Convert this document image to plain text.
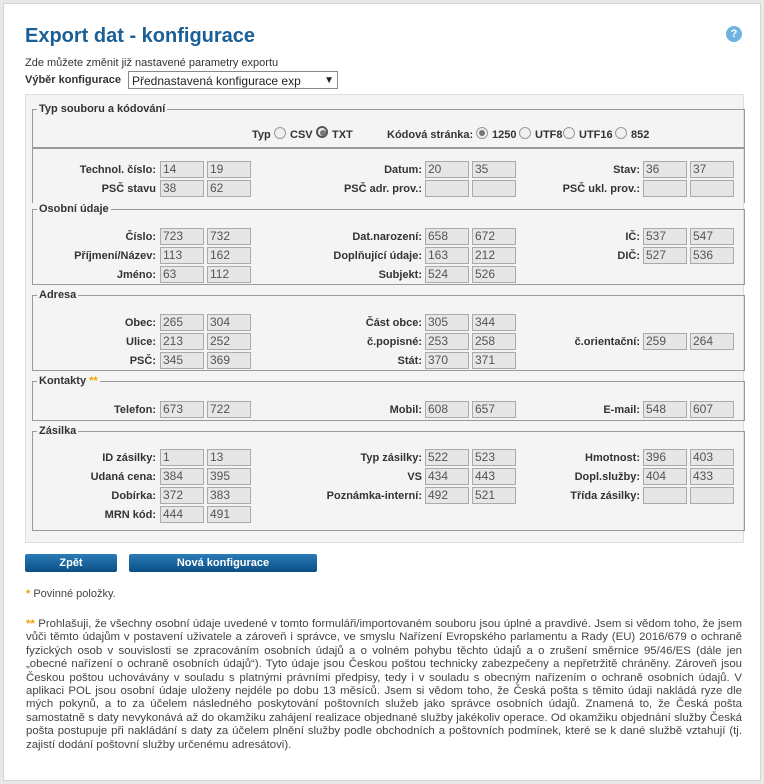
Export dat - konfigurace	?
Zde můžete změnit již nastavené parametry exportu
Výběr konfigurace Přednastavená konfigurace exp ▼
Typ souboru a kódování
Typ CSV TXT	Kódová stránka: 1250 UTF8 UTF16 852
Technol. číslo: 14	19	Datum: 20	35	Stav: 36	37
PSČ stavu 38	62	PSČ adr. prov.:	PSČ ukl. prov.:
Osobní údaje
Číslo: 723	732	Dat.narození: 658	672	IČ: 537	547
Příjmení/Název: 113	162	Doplňující údaje: 163	212	DIČ: 527	536
Jméno: 63	112	Subjekt: 524	526
Adresa
Obec: 265	304	Část obce: 305	344
Ulice: 213	252	č.popisné: 253	258	č.orientační: 259	264
PSČ: 345	369	Stát: 370	371
Kontakty **
Telefon: 673	722	Mobil: 608	657	E-mail: 548	607
Zásilka
ID zásilky: 1	13	Typ zásilky: 522	523	Hmotnost: 396	403
Udaná cena: 384	395	VS 434	443	Dopl.služby: 404	433
Dobírka: 372	383	Poznámka-interní: 492	521	Třída zásilky:
MRN kód: 444	491
Zpět	Nová konfigurace
* Povinné položky.
** Prohlašuji, že všechny osobní údaje uvedené v tomto formuláři/importovaném souboru jsou úplné a pravdivé. Jsem si vědom toho, že jsem vůči těmto údajům v postavení uživatele a zároveň i správce, ve smyslu Nařízení Evropského parlamentu a Rady (EU) 2016/679 o ochraně fyzických osob v souvislosti se zpracováním osobních údajů a o volném pohybu těchto údajů a o zrušení směrnice 95/46/ES (dále jen „obecné nařízení o ochraně osobních údajů“). Tyto údaje jsou Českou poštou technicky zabezpečeny a nepřetržitě chráněny. Zároveň jsou Českou poštou uchovávány v souladu s platnými právními předpisy, tedy i v souladu s obecným nařízením o ochraně osobních údajů. V aplikaci POL jsou osobní údaje uloženy nejdéle po dobu 13 měsíců. Jsem si vědom toho, že Česká pošta s těmito údaji nakládá ryze dle mých pokynů, a to za účelem následného poskytování poštovních služeb jako správce osobních údajů. Znamená to, že Česká pošta samostatně s daty nevykonává až do okamžiku zahájení realizace objednané služby jakékoliv operace. Od okamžiku objednání služby Česká pošta postupuje při nakládání s daty za účelem plnění služby podle obchodních a poštovních podmínek, které se k dané službě vztahují (tj. zajistí dodání poštovní služby určenému adresátovi).
